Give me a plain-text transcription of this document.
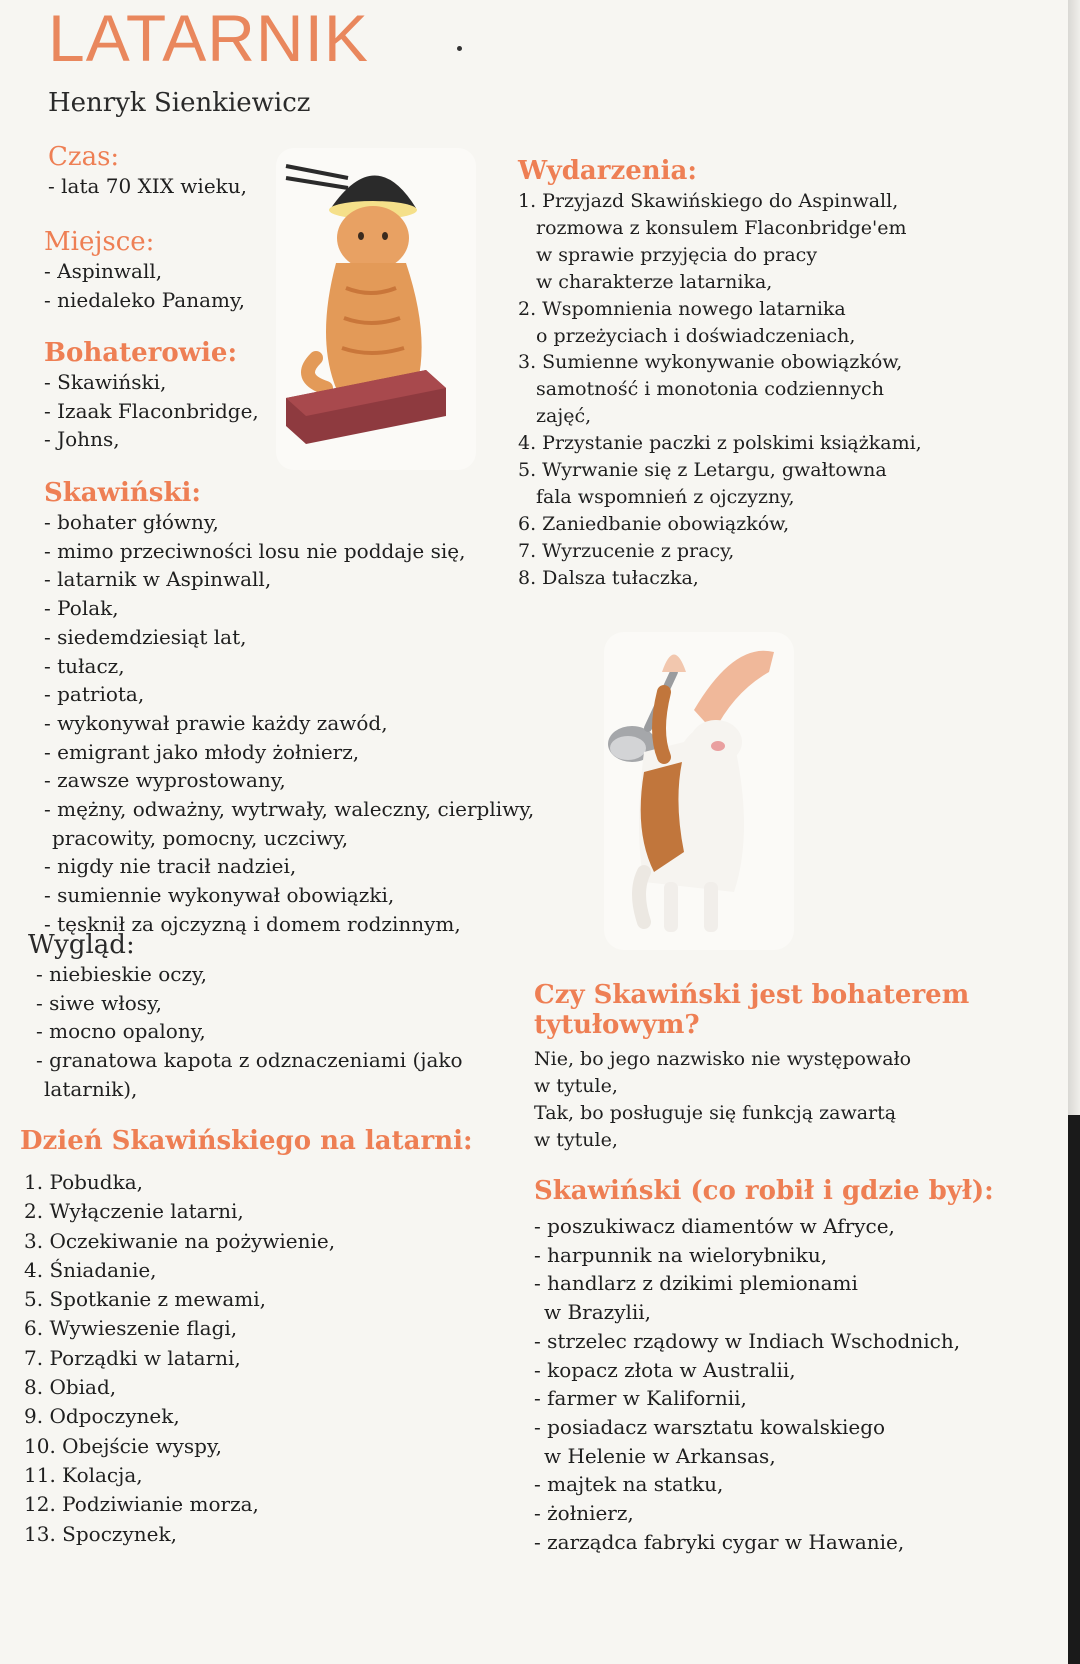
LATARNIK

Henryk Sienkiewicz

Czas:

- lata 70 XIX wieku,

Miejsce:

- Aspinwall,
- niedaleko Panamy,

Bohaterowie:

- Skawiński,
- Izaak Flaconbridge,
- Johns,

Skawiński:

- bohater główny,
- mimo przeciwności losu nie poddaje się,
- latarnik w Aspinwall,
- Polak,
- siedemdziesiąt lat,
- tułacz,
- patriota,
- wykonywał prawie każdy zawód,
- emigrant jako młody żołnierz,
- zawsze wyprostowany,
- mężny, odważny, wytrwały, waleczny, cierpliwy,
pracowity, pomocny, uczciwy,
- nigdy nie tracił nadziei,
- sumiennie wykonywał obowiązki,
- tęsknił za ojczyzną i domem rodzinnym,

Wygląd:

- niebieskie oczy,
- siwe włosy,
- mocno opalony,
- granatowa kapota z odznaczeniami (jako
latarnik),

Dzień Skawińskiego na latarni:

1. Pobudka,
2. Wyłączenie latarni,
3. Oczekiwanie na pożywienie,
4. Śniadanie,
5. Spotkanie z mewami,
6. Wywieszenie flagi,
7. Porządki w latarni,
8. Obiad,
9. Odpoczynek,
10. Obejście wyspy,
11. Kolacja,
12. Podziwianie morza,
13. Spoczynek,

Wydarzenia:

1. Przyjazd Skawińskiego do Aspinwall,
rozmowa z konsulem Flaconbridge'em
w sprawie przyjęcia do pracy
w charakterze latarnika,
2. Wspomnienia nowego latarnika
o przeżyciach i doświadczeniach,
3. Sumienne wykonywanie obowiązków,
samotność i monotonia codziennych
zajęć,
4. Przystanie paczki z polskimi książkami,
5. Wyrwanie się z Letargu, gwałtowna
fala wspomnień z ojczyzny,
6. Zaniedbanie obowiązków,
7. Wyrzucenie z pracy,
8. Dalsza tułaczka,

Czy Skawiński jest bohaterem

tytułowym?

Nie, bo jego nazwisko nie występowało

w tytule,

Tak, bo posługuje się funkcją zawartą

w tytule,

Skawiński (co robił i gdzie był):

- poszukiwacz diamentów w Afryce,
- harpunnik na wielorybniku,
- handlarz z dzikimi plemionami
w Brazylii,
- strzelec rządowy w Indiach Wschodnich,
- kopacz złota w Australii,
- farmer w Kalifornii,
- posiadacz warsztatu kowalskiego
w Helenie w Arkansas,
- majtek na statku,
- żołnierz,
- zarządca fabryki cygar w Hawanie,
